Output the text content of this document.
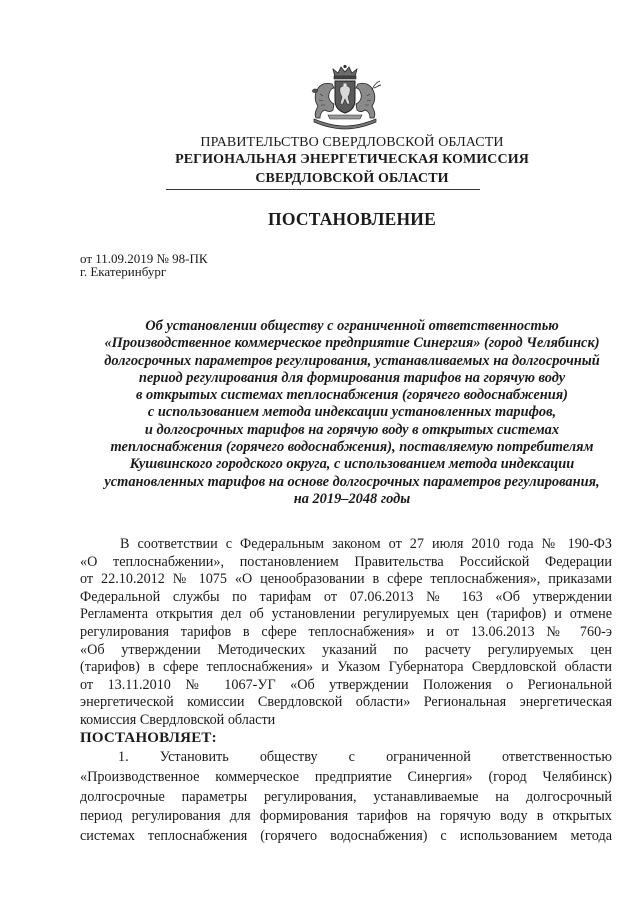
ПРАВИТЕЛЬСТВО СВЕРДЛОВСКОЙ ОБЛАСТИ
РЕГИОНАЛЬНАЯ ЭНЕРГЕТИЧЕСКАЯ КОМИССИЯ
СВЕРДЛОВСКОЙ ОБЛАСТИ
ПОСТАНОВЛЕНИЕ
от 11.09.2019 № 98-ПК
г. Екатеринбург
Об установлении обществу с ограниченной ответственностью
«Производственное коммерческое предприятие Синергия» (город Челябинск)
долгосрочных параметров регулирования, устанавливаемых на долгосрочный
период регулирования для формирования тарифов на горячую воду
в открытых системах теплоснабжения (горячего водоснабжения)
с использованием метода индексации установленных тарифов,
и долгосрочных тарифов на горячую воду в открытых системах
теплоснабжения (горячего водоснабжения), поставляемую потребителям
Кушвинского городского округа, с использованием метода индексации
установленных тарифов на основе долгосрочных параметров регулирования,
на 2019–2048 годы
В соответствии с Федеральным законом от 27 июля 2010 года № 190-ФЗ
«О теплоснабжении», постановлением Правительства Российской Федерации
от 22.10.2012 № 1075 «О ценообразовании в сфере теплоснабжения», приказами
Федеральной службы по тарифам от 07.06.2013 № 163 «Об утверждении
Регламента открытия дел об установлении регулируемых цен (тарифов) и отмене
регулирования тарифов в сфере теплоснабжения» и от 13.06.2013 № 760-э
«Об утверждении Методических указаний по расчету регулируемых цен
(тарифов) в сфере теплоснабжения» и Указом Губернатора Свердловской области
от 13.11.2010 № 1067-УГ «Об утверждении Положения о Региональной
энергетической комиссии Свердловской области» Региональная энергетическая
комиссия Свердловской области
ПОСТАНОВЛЯЕТ:
1. Установить обществу с ограниченной ответственностью
«Производственное коммерческое предприятие Синергия» (город Челябинск)
долгосрочные параметры регулирования, устанавливаемые на долгосрочный
период регулирования для формирования тарифов на горячую воду в открытых
системах теплоснабжения (горячего водоснабжения) с использованием метода
